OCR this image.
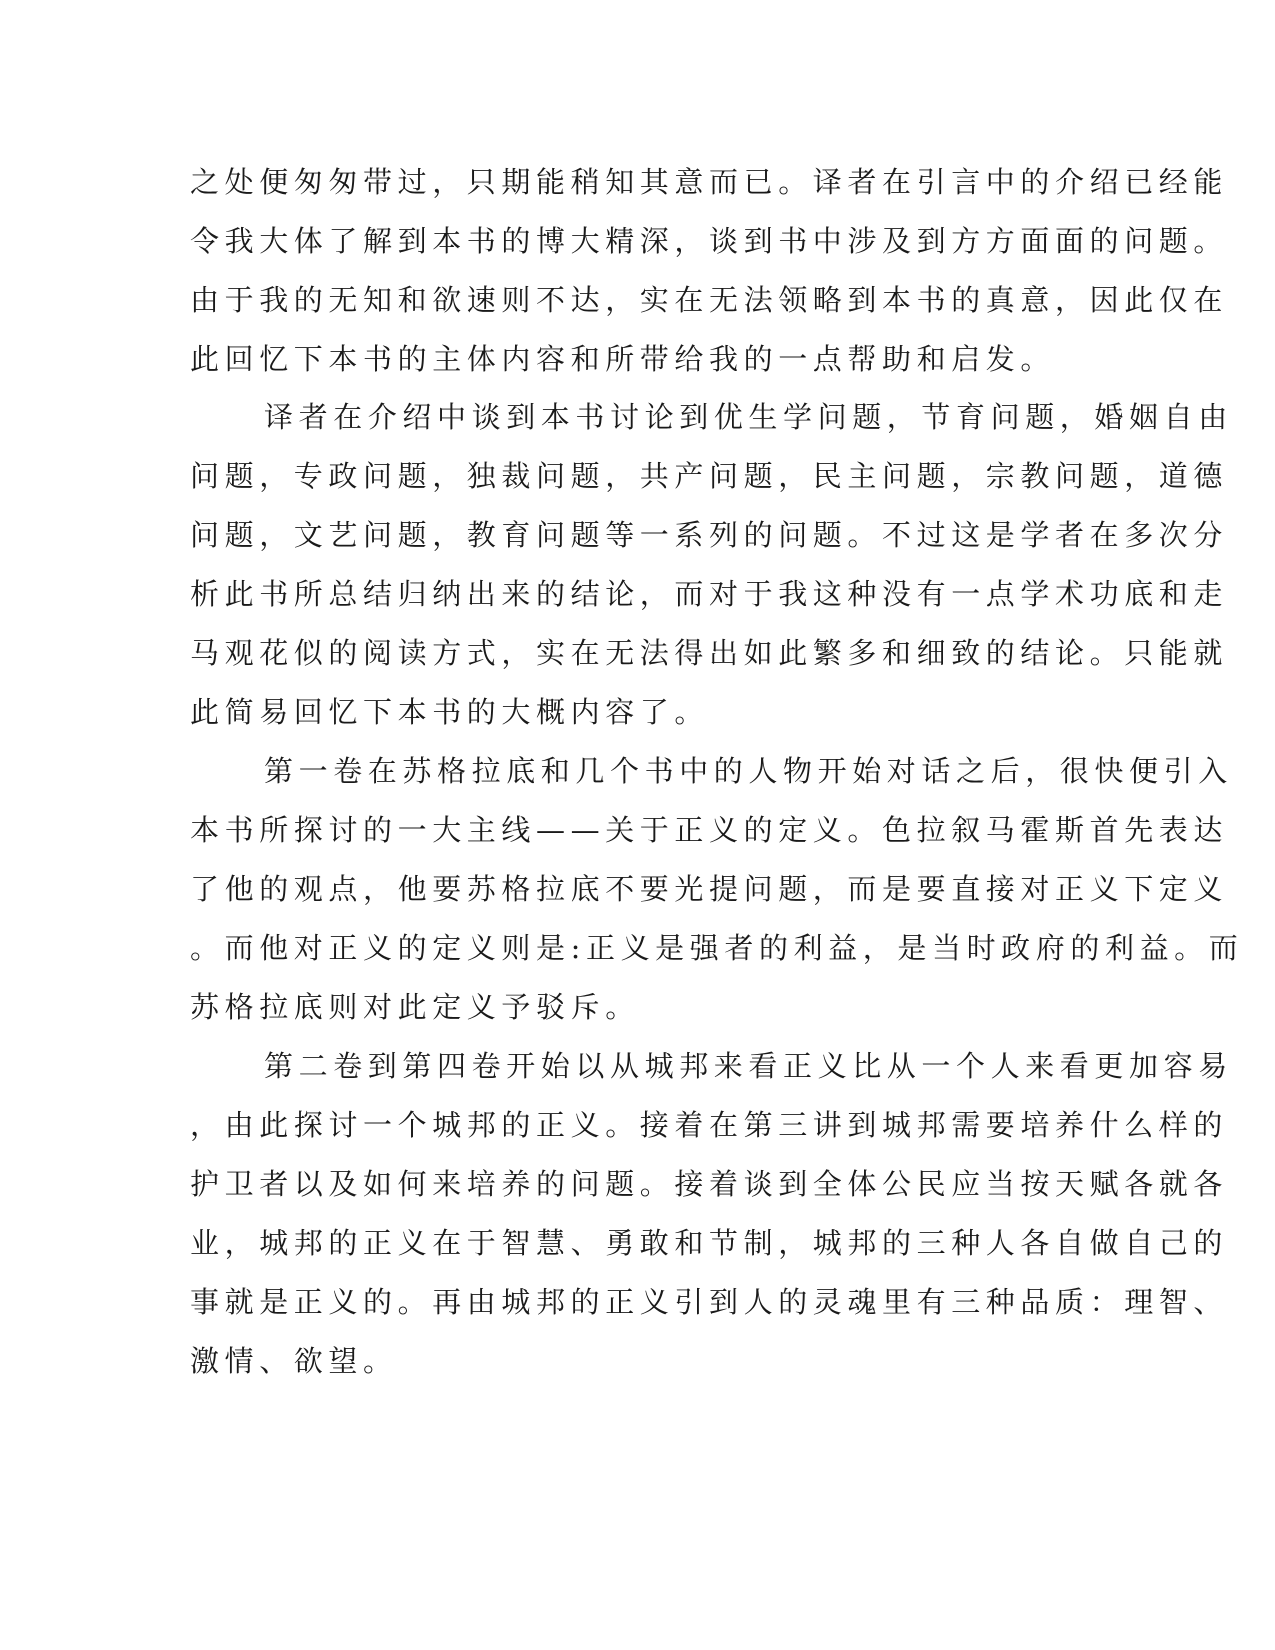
之处便匆匆带过，只期能稍知其意而已。译者在引言中的介绍已经能
令我大体了解到本书的博大精深，谈到书中涉及到方方面面的问题。
由于我的无知和欲速则不达，实在无法领略到本书的真意，因此仅在
此回忆下本书的主体内容和所带给我的一点帮助和启发。
译者在介绍中谈到本书讨论到优生学问题，节育问题，婚姻自由
问题，专政问题，独裁问题，共产问题，民主问题，宗教问题，道德
问题，文艺问题，教育问题等一系列的问题。不过这是学者在多次分
析此书所总结归纳出来的结论，而对于我这种没有一点学术功底和走
马观花似的阅读方式，实在无法得出如此繁多和细致的结论。只能就
此简易回忆下本书的大概内容了。
第一卷在苏格拉底和几个书中的人物开始对话之后，很快便引入
本书所探讨的一大主线——关于正义的定义。色拉叙马霍斯首先表达
了他的观点，他要苏格拉底不要光提问题，而是要直接对正义下定义
。而他对正义的定义则是:正义是强者的利益，是当时政府的利益。而
苏格拉底则对此定义予驳斥。
第二卷到第四卷开始以从城邦来看正义比从一个人来看更加容易
，由此探讨一个城邦的正义。接着在第三讲到城邦需要培养什么样的
护卫者以及如何来培养的问题。接着谈到全体公民应当按天赋各就各
业，城邦的正义在于智慧、勇敢和节制，城邦的三种人各自做自己的
事就是正义的。再由城邦的正义引到人的灵魂里有三种品质：理智、
激情、欲望。
